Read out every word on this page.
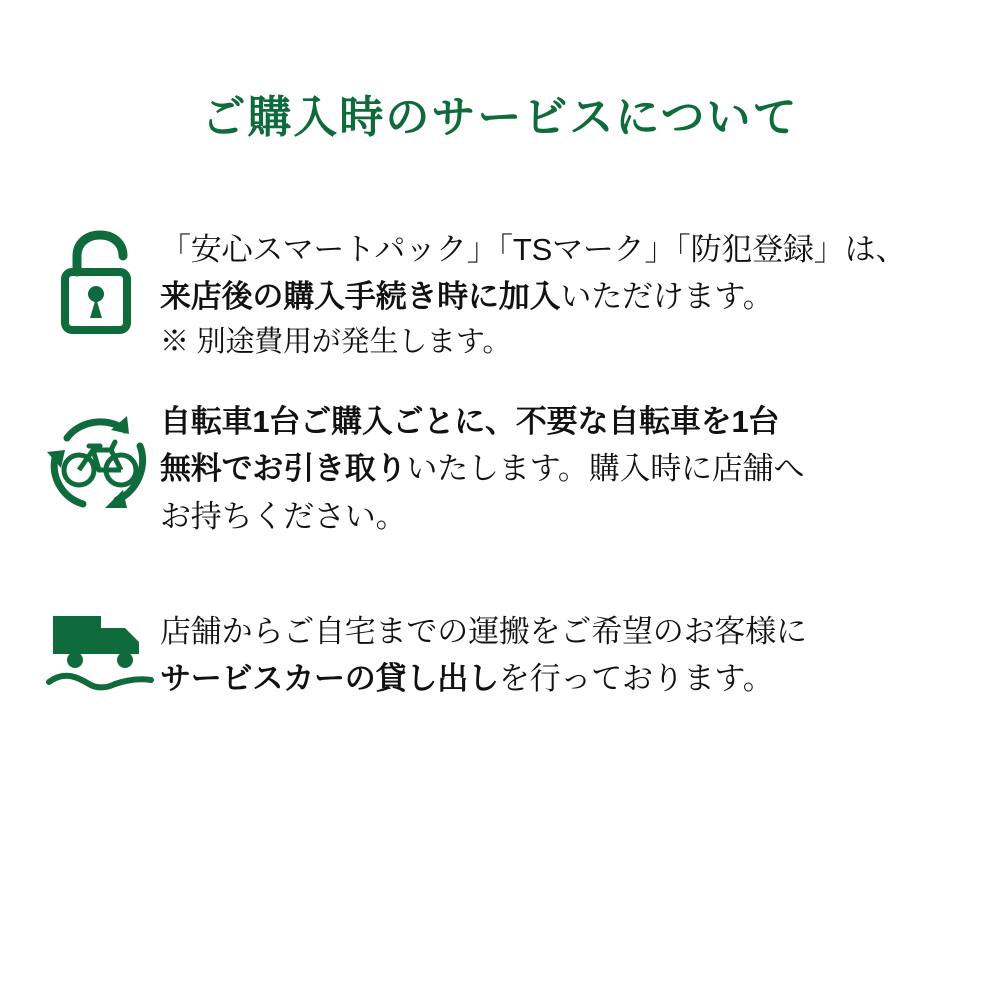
ご購入時のサービスについて
「安心スマートパック」「TSマーク」「防犯登録」は、
来店後の購入手続き時に加入いただけます。
※ 別途費用が発生します。
自転車1台ご購入ごとに、不要な自転車を1台
無料でお引き取りいたします。購入時に店舗へ
お持ちください。
店舗からご自宅までの運搬をご希望のお客様に
サービスカーの貸し出しを行っております。
